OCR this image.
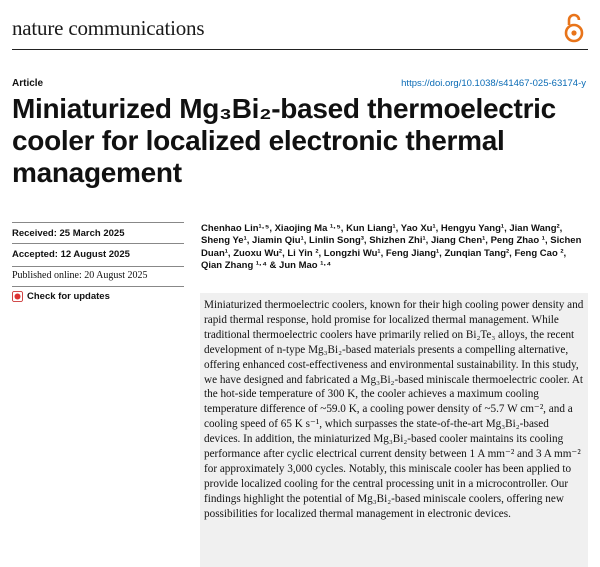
nature communications
Article	https://doi.org/10.1038/s41467-025-63174-y
Miniaturized Mg₃Bi₂-based thermoelectric cooler for localized electronic thermal management
Received: 25 March 2025
Accepted: 12 August 2025
Published online: 20 August 2025
Check for updates
Chenhao Lin¹·⁵, Xiaojing Ma ¹·⁵, Kun Liang¹, Yao Xu¹, Hengyu Yang¹, Jian Wang², Sheng Ye¹, Jiamin Qiu¹, Linlin Song³, Shizhen Zhi¹, Jiang Chen¹, Peng Zhao ¹, Sichen Duan¹, Zuoxu Wu², Li Yin ², Longzhi Wu¹, Feng Jiang¹, Zunqian Tang², Feng Cao ², Qian Zhang ¹·⁴ & Jun Mao ¹·⁴
Miniaturized thermoelectric coolers, known for their high cooling power density and rapid thermal response, hold promise for localized thermal management. While traditional thermoelectric coolers have primarily relied on Bi₂Te₃ alloys, the recent development of n-type Mg₃Bi₂-based materials presents a compelling alternative, offering enhanced cost-effectiveness and environmental sustainability. In this study, we have designed and fabricated a Mg₃Bi₂-based miniscale thermoelectric cooler. At the hot-side temperature of 300 K, the cooler achieves a maximum cooling temperature difference of ~59.0 K, a cooling power density of ~5.7 W cm⁻², and a cooling speed of 65 K s⁻¹, which surpasses the state-of-the-art Mg₃Bi₂-based devices. In addition, the miniaturized Mg₃Bi₂-based cooler maintains its cooling performance after cyclic electrical current density between 1 A mm⁻² and 3 A mm⁻² for approximately 3,000 cycles. Notably, this miniscale cooler has been applied to provide localized cooling for the central processing unit in a microcontroller. Our findings highlight the potential of Mg₃Bi₂-based miniscale coolers, offering new possibilities for localized thermal management in electronic devices.
